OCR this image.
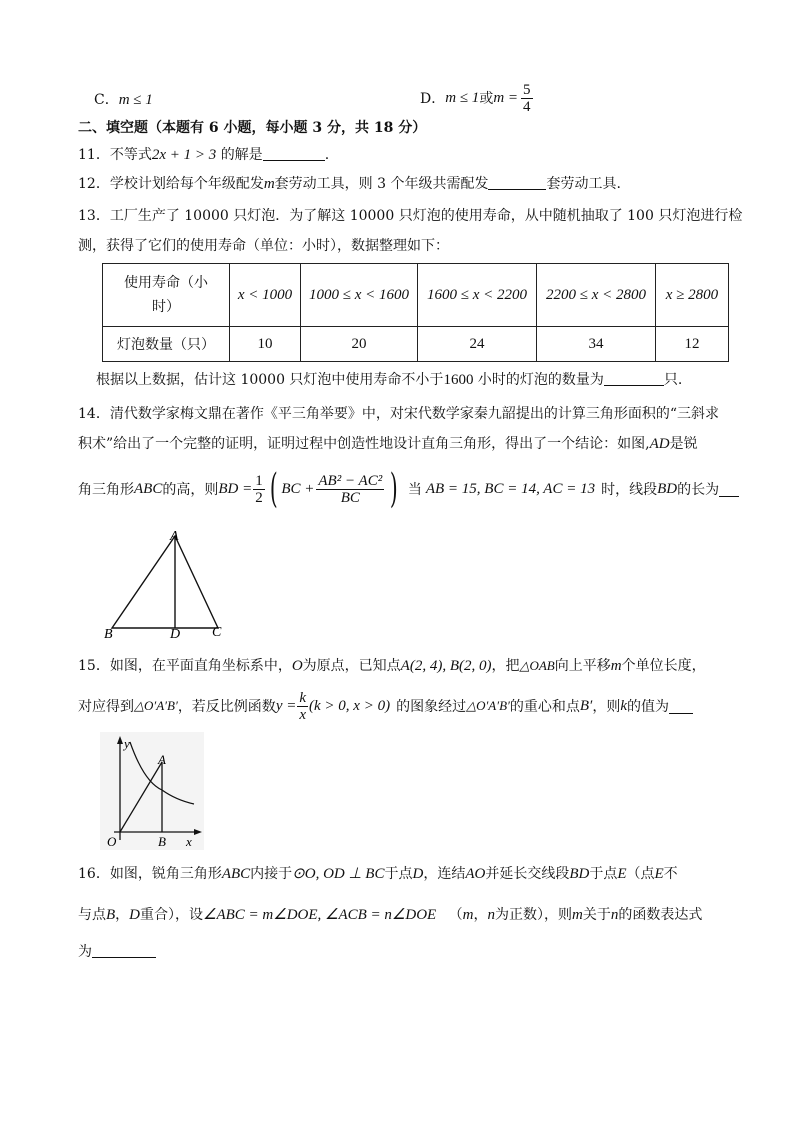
C．m ≤ 1	D． m ≤ 1 或 $m = \frac{5}{4}$
二、填空题（本题有 6 小题，每小题 3 分，共 18 分）
11．不等式2x + 1 > 3 的解是	.
12．学校计划给每个年级配发m套劳动工具，则 3 个年级共需配发	套劳动工具.
13．工厂生产了 10000 只灯泡．为了解这 10000 只灯泡的使用寿命，从中随机抽取了 100 只灯泡进行检
测，获得了它们的使用寿命（单位：小时），数据整理如下：
使用寿命（小
时）	x < 1000	1000 ≤ x < 1600	1600 ≤ x < 2200	2200 ≤ x < 2800	x ≥ 2800
灯泡数量（只）	10	20	24	34	12
根据以上数据，估计这 10000 只灯泡中使用寿命不小于1600 小时的灯泡的数量为	只.
14．清代数学家梅文鼎在著作《平三角举要》中，对宋代数学家秦九韶提出的计算三角形面积的“三斜求
积术”给出了一个完整的证明，证明过程中创造性地设计直角三角形，得出了一个结论：如图,AD是锐
角三角形 ABC 的高，则 BD = $\frac{1}{2}$ ( BC + $\frac{\text{AB² − AC²}}{BC}$ ) 当 AB = 15, BC = 14, AC = 13 时，线段 BD 的长为
A
B	D C
15．如图，在平面直角坐标系中，O为原点，已知点A(2, 4), B(2, 0)，把△OAB向上平移m个单位长度，
对应得到 △O′A′B′ ，若反比例函数 $y = \frac{k}{x} (k > 0$, x > 0) 的图象经过 △O′A′B′ 的重心和点 B′ ，则 k 的值为
y
A
O	B x
16．如图，锐角三角形ABC内接于⊙O, OD ⊥ BC于点D，连结AO并延长交线段BD于点E（点E不
与点B，D重合），设∠ABC = m∠DOE, ∠ACB = n∠DOE （m，n为正数），则m关于n的函数表达式
为
